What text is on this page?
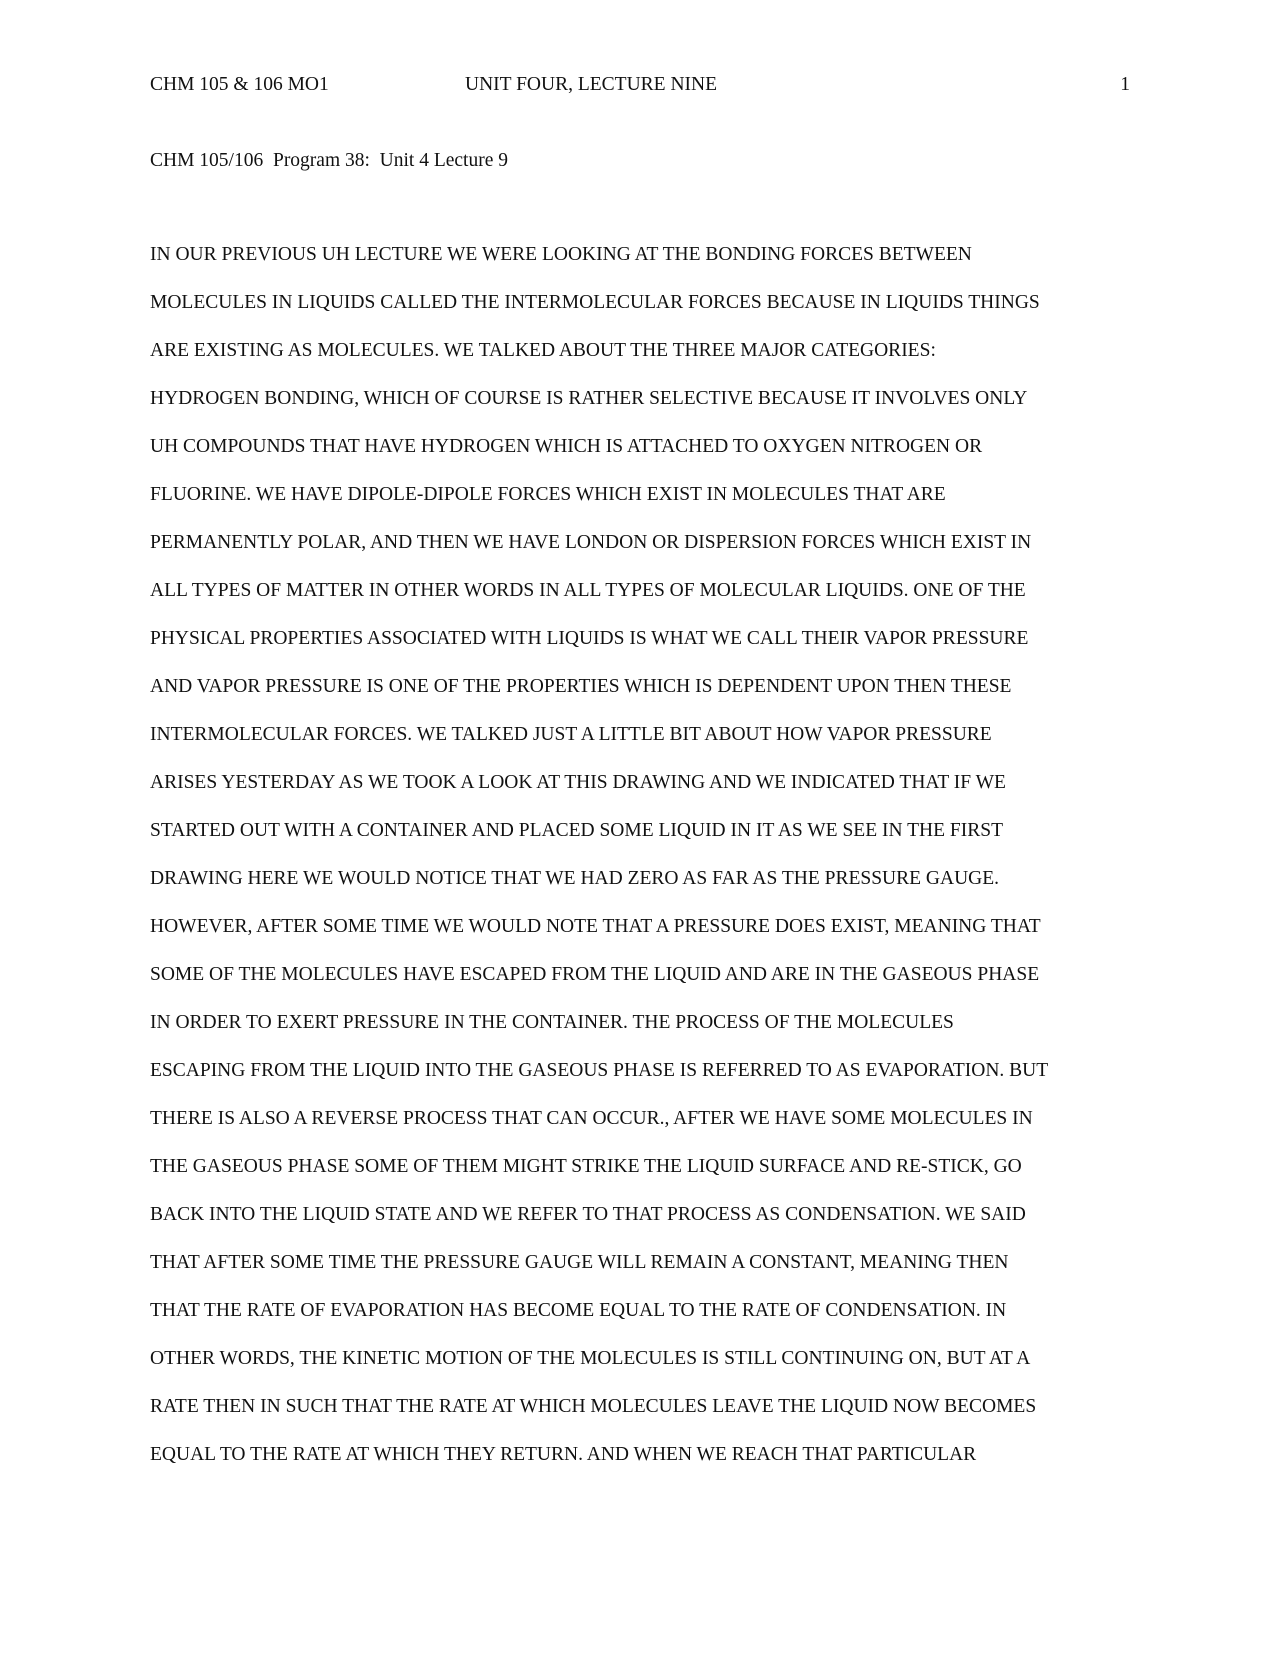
CHM 105 & 106 MO1	UNIT FOUR, LECTURE NINE	1
CHM 105/106  Program 38:  Unit 4 Lecture 9
IN OUR PREVIOUS UH LECTURE WE WERE LOOKING AT THE BONDING FORCES BETWEEN
MOLECULES IN LIQUIDS CALLED THE INTERMOLECULAR FORCES BECAUSE IN LIQUIDS THINGS
ARE EXISTING AS MOLECULES. WE TALKED ABOUT THE THREE MAJOR CATEGORIES:
HYDROGEN BONDING, WHICH OF COURSE IS RATHER SELECTIVE BECAUSE IT INVOLVES ONLY
UH COMPOUNDS THAT HAVE HYDROGEN WHICH IS ATTACHED TO OXYGEN NITROGEN OR
FLUORINE. WE HAVE DIPOLE-DIPOLE FORCES WHICH EXIST IN MOLECULES THAT ARE
PERMANENTLY POLAR, AND THEN WE HAVE LONDON OR DISPERSION FORCES WHICH EXIST IN
ALL TYPES OF MATTER IN OTHER WORDS IN ALL TYPES OF MOLECULAR LIQUIDS. ONE OF THE
PHYSICAL PROPERTIES ASSOCIATED WITH LIQUIDS IS WHAT WE CALL THEIR VAPOR PRESSURE
AND VAPOR PRESSURE IS ONE OF THE PROPERTIES WHICH IS DEPENDENT UPON THEN THESE
INTERMOLECULAR FORCES. WE TALKED JUST A LITTLE BIT ABOUT HOW VAPOR PRESSURE
ARISES YESTERDAY AS WE TOOK A LOOK AT THIS DRAWING AND WE INDICATED THAT IF WE
STARTED OUT WITH A CONTAINER AND PLACED SOME LIQUID IN IT AS WE SEE IN THE FIRST
DRAWING HERE WE WOULD NOTICE THAT WE HAD ZERO AS FAR AS THE PRESSURE GAUGE.
HOWEVER, AFTER SOME TIME WE WOULD NOTE THAT A PRESSURE DOES EXIST, MEANING THAT
SOME OF THE MOLECULES HAVE ESCAPED FROM THE LIQUID AND ARE IN THE GASEOUS PHASE
IN ORDER TO EXERT PRESSURE IN THE CONTAINER. THE PROCESS OF THE MOLECULES
ESCAPING FROM THE LIQUID INTO THE GASEOUS PHASE IS REFERRED TO AS EVAPORATION. BUT
THERE IS ALSO A REVERSE PROCESS THAT CAN OCCUR., AFTER WE HAVE SOME MOLECULES IN
THE GASEOUS PHASE SOME OF THEM MIGHT STRIKE THE LIQUID SURFACE AND RE-STICK, GO
BACK INTO THE LIQUID STATE AND WE REFER TO THAT PROCESS AS CONDENSATION. WE SAID
THAT AFTER SOME TIME THE PRESSURE GAUGE WILL REMAIN A CONSTANT, MEANING THEN
THAT THE RATE OF EVAPORATION HAS BECOME EQUAL TO THE RATE OF CONDENSATION. IN
OTHER WORDS, THE KINETIC MOTION OF THE MOLECULES IS STILL CONTINUING ON, BUT AT A
RATE THEN IN SUCH THAT THE RATE AT WHICH MOLECULES LEAVE THE LIQUID NOW BECOMES
EQUAL TO THE RATE AT WHICH THEY RETURN. AND WHEN WE REACH THAT PARTICULAR
